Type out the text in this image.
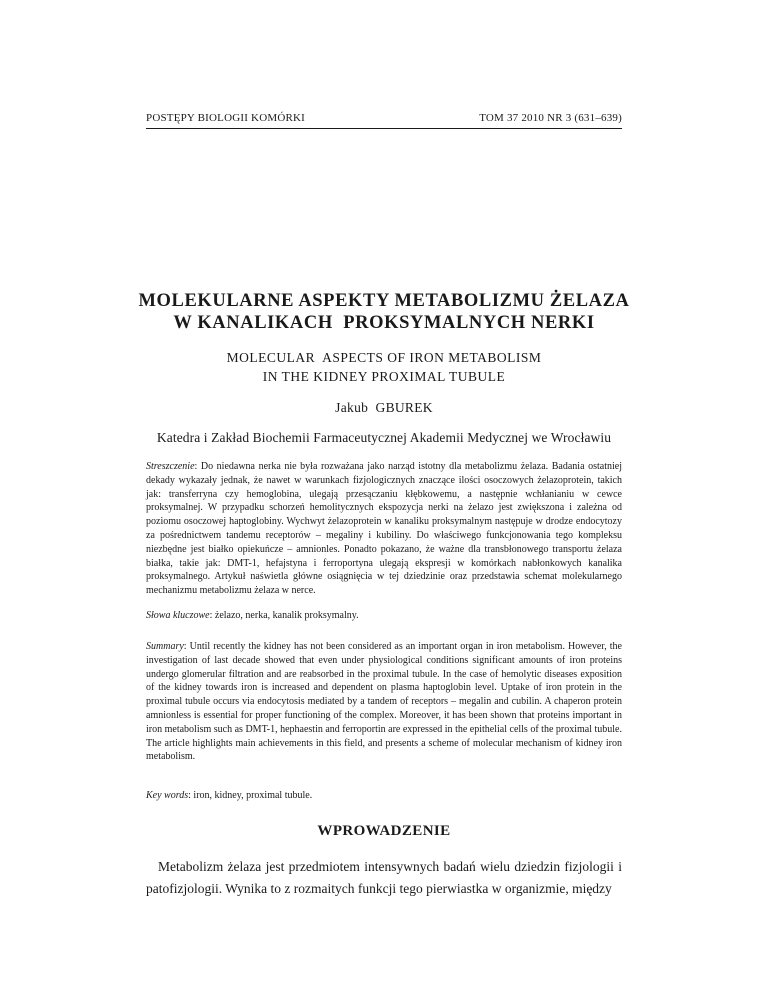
POSTĘPY BIOLOGII KOMÓRKI	TOM 37 2010 NR 3 (631–639)
MOLEKULARNE ASPEKTY METABOLIZMU ŻELAZA
W KANALIKACH  PROKSYMALNYCH NERKI
MOLECULAR  ASPECTS OF IRON METABOLISM
IN THE KIDNEY PROXIMAL TUBULE
Jakub  GBUREK
Katedra i Zakład Biochemii Farmaceutycznej Akademii Medycznej we Wrocławiu
Streszczenie: Do niedawna nerka nie była rozważana jako narząd istotny dla metabolizmu żelaza. Badania ostatniej dekady wykazały jednak, że nawet w warunkach fizjologicznych znaczące ilości osoczowych żelazoprotein, takich jak: transferryna czy hemoglobina, ulegają przesączaniu kłębkowemu, a następnie wchłanianiu w cewce proksymalnej. W przypadku schorzeń hemolitycznych ekspozycja nerki na żelazo jest zwiększona i zależna od poziomu osoczowej haptoglobiny. Wychwyt żelazoprotein w kanaliku proksymalnym następuje w drodze endocytozy za pośrednictwem tandemu receptorów – megaliny i kubiliny. Do właściwego funkcjonowania tego kompleksu niezbędne jest białko opiekuńcze – amnionles. Ponadto pokazano, że ważne dla transbłonowego transportu żelaza białka, takie jak: DMT-1, hefajstyna i ferroportyna ulegają ekspresji w komórkach nabłonkowych kanalika proksymalnego. Artykuł naświetla główne osiągnięcia w tej dziedzinie oraz przedstawia schemat molekularnego mechanizmu metabolizmu żelaza w nerce.
Słowa kluczowe: żelazo, nerka, kanalik proksymalny.
Summary: Until recently the kidney has not been considered as an important organ in iron metabolism. However, the investigation of last decade showed that even under physiological conditions significant amounts of iron proteins undergo glomerular filtration and are reabsorbed in the proximal tubule. In the case of hemolytic diseases exposition of the kidney towards iron is increased and dependent on plasma haptoglobin level. Uptake of iron protein in the proximal tubule occurs via endocytosis mediated by a tandem of receptors – megalin and cubilin. A chaperon protein amnionless is essential for proper functioning of the complex. Moreover, it has been shown that proteins important in iron metabolism such as DMT-1, hephaestin and ferroportin are expressed in the epithelial cells of the proximal tubule. The article highlights main achievements in this field, and presents a scheme of molecular mechanism of kidney iron metabolism.
Key words: iron, kidney, proximal tubule.
WPROWADZENIE
Metabolizm żelaza jest przedmiotem intensywnych badań wielu dziedzin fizjologii i patofizjologii. Wynika to z rozmaitych funkcji tego pierwiastka w organizmie, między
